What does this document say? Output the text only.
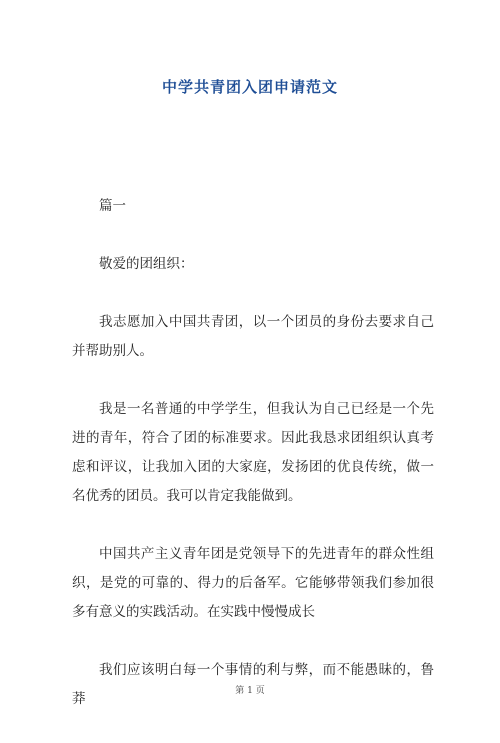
中学共青团入团申请范文

篇一

敬爱的团组织：

我志愿加入中国共青团，以一个团员的身份去要求自己并帮助别人。

我是一名普通的中学学生，但我认为自己已经是一个先进的青年，符合了团的标准要求。因此我恳求团组织认真考虑和评议，让我加入团的大家庭，发扬团的优良传统，做一名优秀的团员。我可以肯定我能做到。

中国共产主义青年团是党领导下的先进青年的群众性组织，是党的可靠的、得力的后备军。它能够带领我们参加很多有意义的实践活动。在实践中慢慢成长

我们应该明白每一个事情的利与弊，而不能愚昧的，鲁莽	第 1 页
